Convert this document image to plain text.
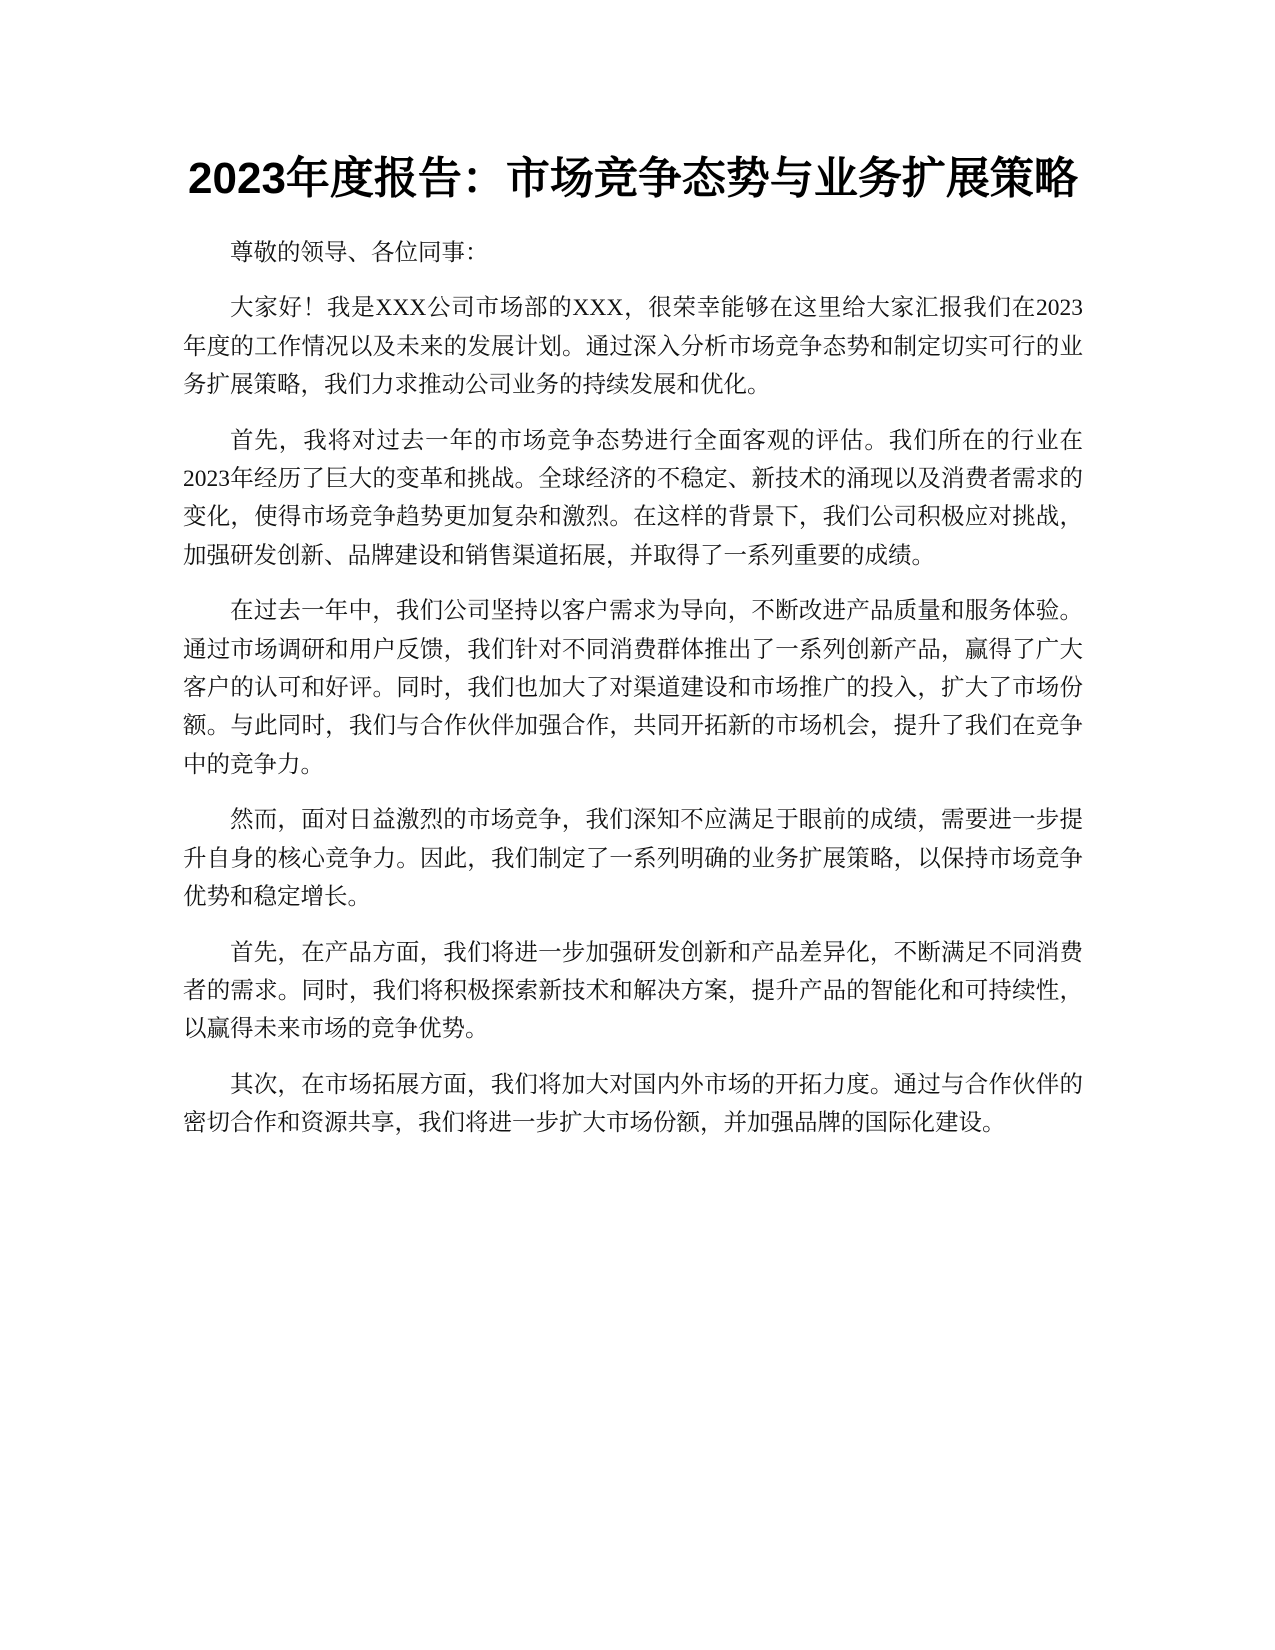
2023年度报告：市场竞争态势与业务扩展策略

尊敬的领导、各位同事：

大家好！我是XXX公司市场部的XXX，很荣幸能够在这里给大家汇报我们在2023年度的工作情况以及未来的发展计划。通过深入分析市场竞争态势和制定切实可行的业务扩展策略，我们力求推动公司业务的持续发展和优化。

首先，我将对过去一年的市场竞争态势进行全面客观的评估。我们所在的行业在2023年经历了巨大的变革和挑战。全球经济的不稳定、新技术的涌现以及消费者需求的变化，使得市场竞争趋势更加复杂和激烈。在这样的背景下，我们公司积极应对挑战，加强研发创新、品牌建设和销售渠道拓展，并取得了一系列重要的成绩。

在过去一年中，我们公司坚持以客户需求为导向，不断改进产品质量和服务体验。通过市场调研和用户反馈，我们针对不同消费群体推出了一系列创新产品，赢得了广大客户的认可和好评。同时，我们也加大了对渠道建设和市场推广的投入，扩大了市场份额。与此同时，我们与合作伙伴加强合作，共同开拓新的市场机会，提升了我们在竞争中的竞争力。

然而，面对日益激烈的市场竞争，我们深知不应满足于眼前的成绩，需要进一步提升自身的核心竞争力。因此，我们制定了一系列明确的业务扩展策略，以保持市场竞争优势和稳定增长。

首先，在产品方面，我们将进一步加强研发创新和产品差异化，不断满足不同消费者的需求。同时，我们将积极探索新技术和解决方案，提升产品的智能化和可持续性，以赢得未来市场的竞争优势。

其次，在市场拓展方面，我们将加大对国内外市场的开拓力度。通过与合作伙伴的密切合作和资源共享，我们将进一步扩大市场份额，并加强品牌的国际化建设。
